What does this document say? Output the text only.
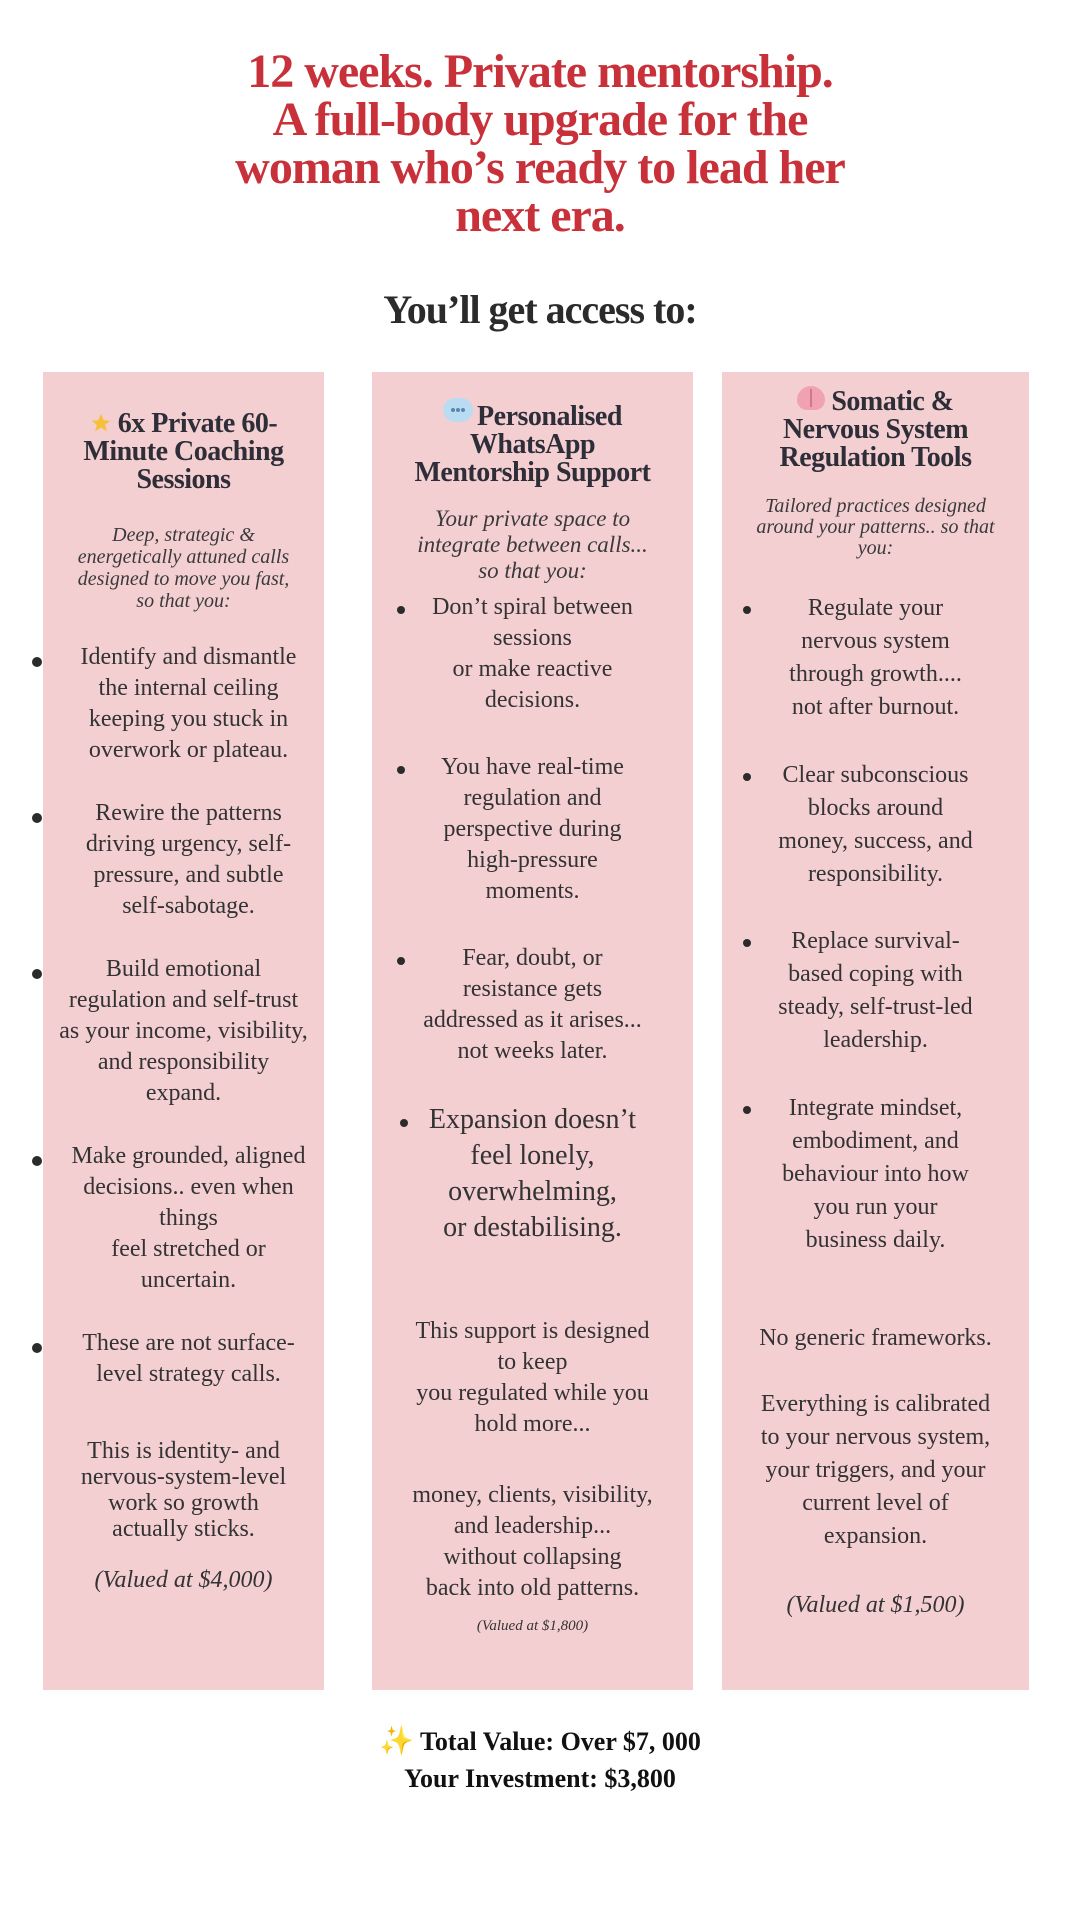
12 weeks. Private mentorship.
A full-body upgrade for the
woman who’s ready to lead her
next era.
You’ll get access to:
6x Private 60-
Minute Coaching
Sessions
Deep, strategic &
energetically attuned calls
designed to move you fast,
so that you:
Identify and dismantle
the internal ceiling
keeping you stuck in
overwork or plateau.
Rewire the patterns
driving urgency, self-
pressure, and subtle
self-sabotage.
Build emotional
regulation and self-trust
as your income, visibility,
and responsibility
expand.
Make grounded, aligned
decisions.. even when
things
feel stretched or
uncertain.
These are not surface-
level strategy calls.
This is identity- and
nervous-system-level
work so growth
actually sticks.
(Valued at $4,000)
Personalised
WhatsApp
Mentorship Support
Your private space to
integrate between calls...
so that you:
Don’t spiral between
sessions
or make reactive
decisions.
You have real-time
regulation and
perspective during
high-pressure
moments.
Fear, doubt, or
resistance gets
addressed as it arises...
not weeks later.
Expansion doesn’t
feel lonely,
overwhelming,
or destabilising.
This support is designed
to keep
you regulated while you
hold more...
money, clients, visibility,
and leadership...
without collapsing
back into old patterns.
(Valued at $1,800)
Somatic &
Nervous System
Regulation Tools
Tailored practices designed
around your patterns.. so that
you:
Regulate your
nervous system
through growth....
not after burnout.
Clear subconscious
blocks around
money, success, and
responsibility.
Replace survival-
based coping with
steady, self-trust-led
leadership.
Integrate mindset,
embodiment, and
behaviour into how
you run your
business daily.
No generic frameworks.
Everything is calibrated
to your nervous system,
your triggers, and your
current level of
expansion.
(Valued at $1,500)
✨ Total Value: Over $7, 000
Your Investment: $3,800
